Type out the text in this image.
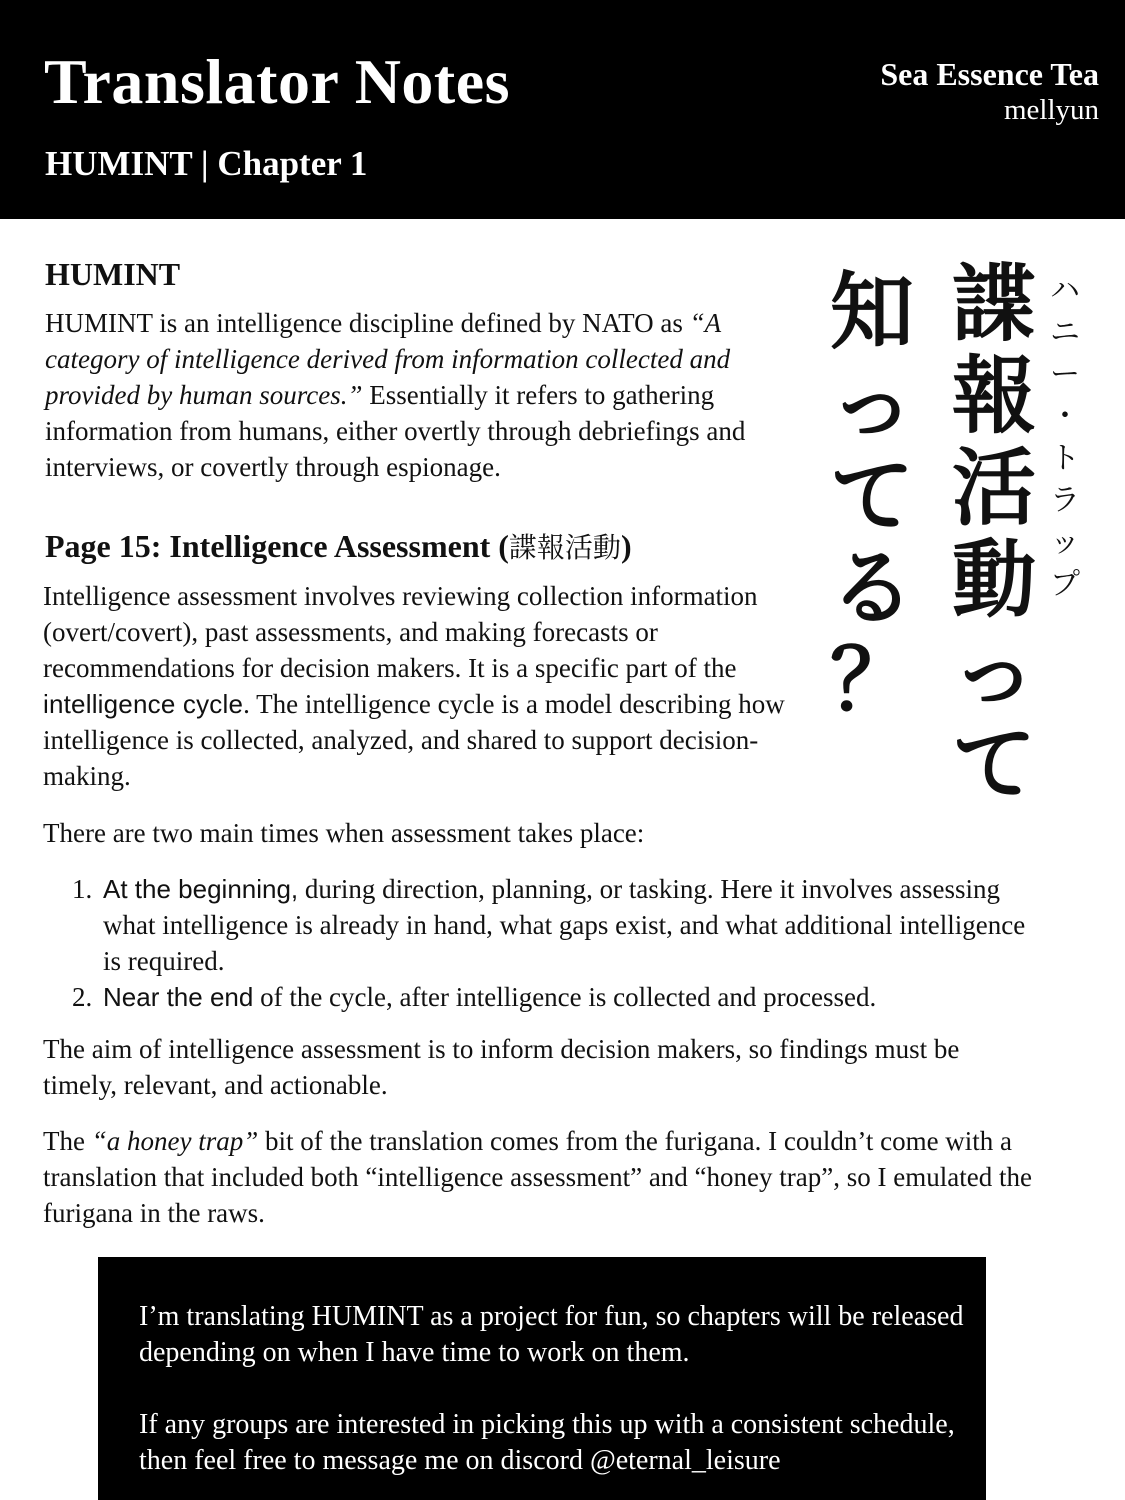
Translator Notes
HUMINT | Chapter 1
Sea Essence Tea
mellyun
HUMINT

HUMINT is an intelligence discipline defined by NATO as “A category of intelligence derived from information collected and provided by human sources.” Essentially it refers to gathering information from humans, either overtly through debriefings and interviews, or covertly through espionage.

Page 15: Intelligence Assessment (諜報活動)

Intelligence assessment involves reviewing collection information (overt/covert), past assessments, and making forecasts or recommendations for decision makers. It is a specific part of the intelligence cycle. The intelligence cycle is a model describing how intelligence is collected, analyzed, and shared to support decision-making.

There are two main times when assessment takes place:

1. At the beginning, during direction, planning, or tasking. Here it involves assessing what intelligence is already in hand, what gaps exist, and what additional intelligence is required.
2. Near the end of the cycle, after intelligence is collected and processed.

The aim of intelligence assessment is to inform decision makers, so findings must be timely, relevant, and actionable.

The “a honey trap” bit of the translation comes from the furigana. I couldn’t come with a translation that included both “intelligence assessment” and “honey trap”, so I emulated the furigana in the raws.

知
っ
て
る
？
諜
報
活
動
っ
て
ハ
ニ
ー
・
ト
ラ
ッ
プ

I’m translating HUMINT as a project for fun, so chapters will be released depending on when I have time to work on them.

If any groups are interested in picking this up with a consistent schedule, then feel free to message me on discord @eternal_leisure
